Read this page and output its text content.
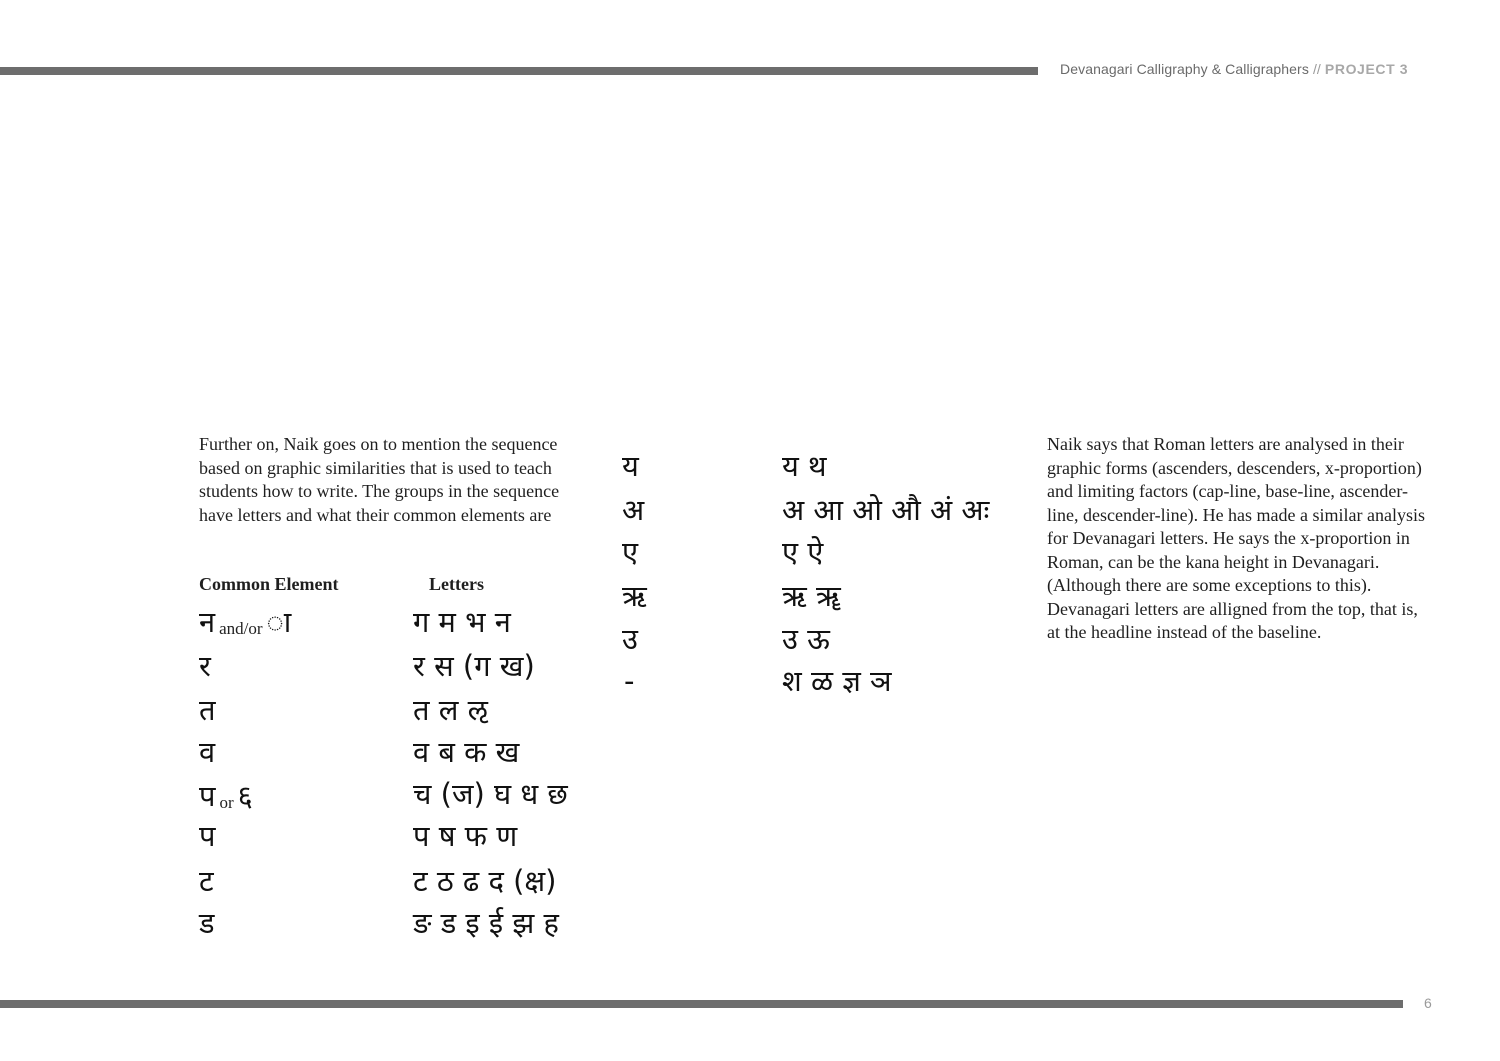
Devanagari Calligraphy & Calligraphers // PROJECT 3

Further on, Naik goes on to mention the sequence based on graphic similarities that is used to teach students how to write. The groups in the sequence have letters and what their common elements are

Common Element	Letters
नand/or ा
र
त
व
पor ६
प
ट
ड
ग म भ न
र स (ग ख)
त ल ऌ
व ब क ख
च (ज) घ ध छ
प ष फ ण
ट ठ ढ द (क्ष)
ङ ड इ ई झ ह
य
अ
ए
ऋ
उ
-
य थ
अ आ ओ औ अं अः
ए ऐ
ऋ ॠ
उ ऊ
श ळ ज्ञ ञ

Naik says that Roman letters are analysed in their graphic forms (ascenders, descenders, x-proportion) and limiting factors (cap-line, base-line, ascender-line, descender-line). He has made a similar analysis for Devanagari letters. He says the x-proportion in Roman, can be the kana height in Devanagari. (Although there are some exceptions to this). Devanagari letters are alligned from the top, that is, at the headline instead of the baseline.

6
